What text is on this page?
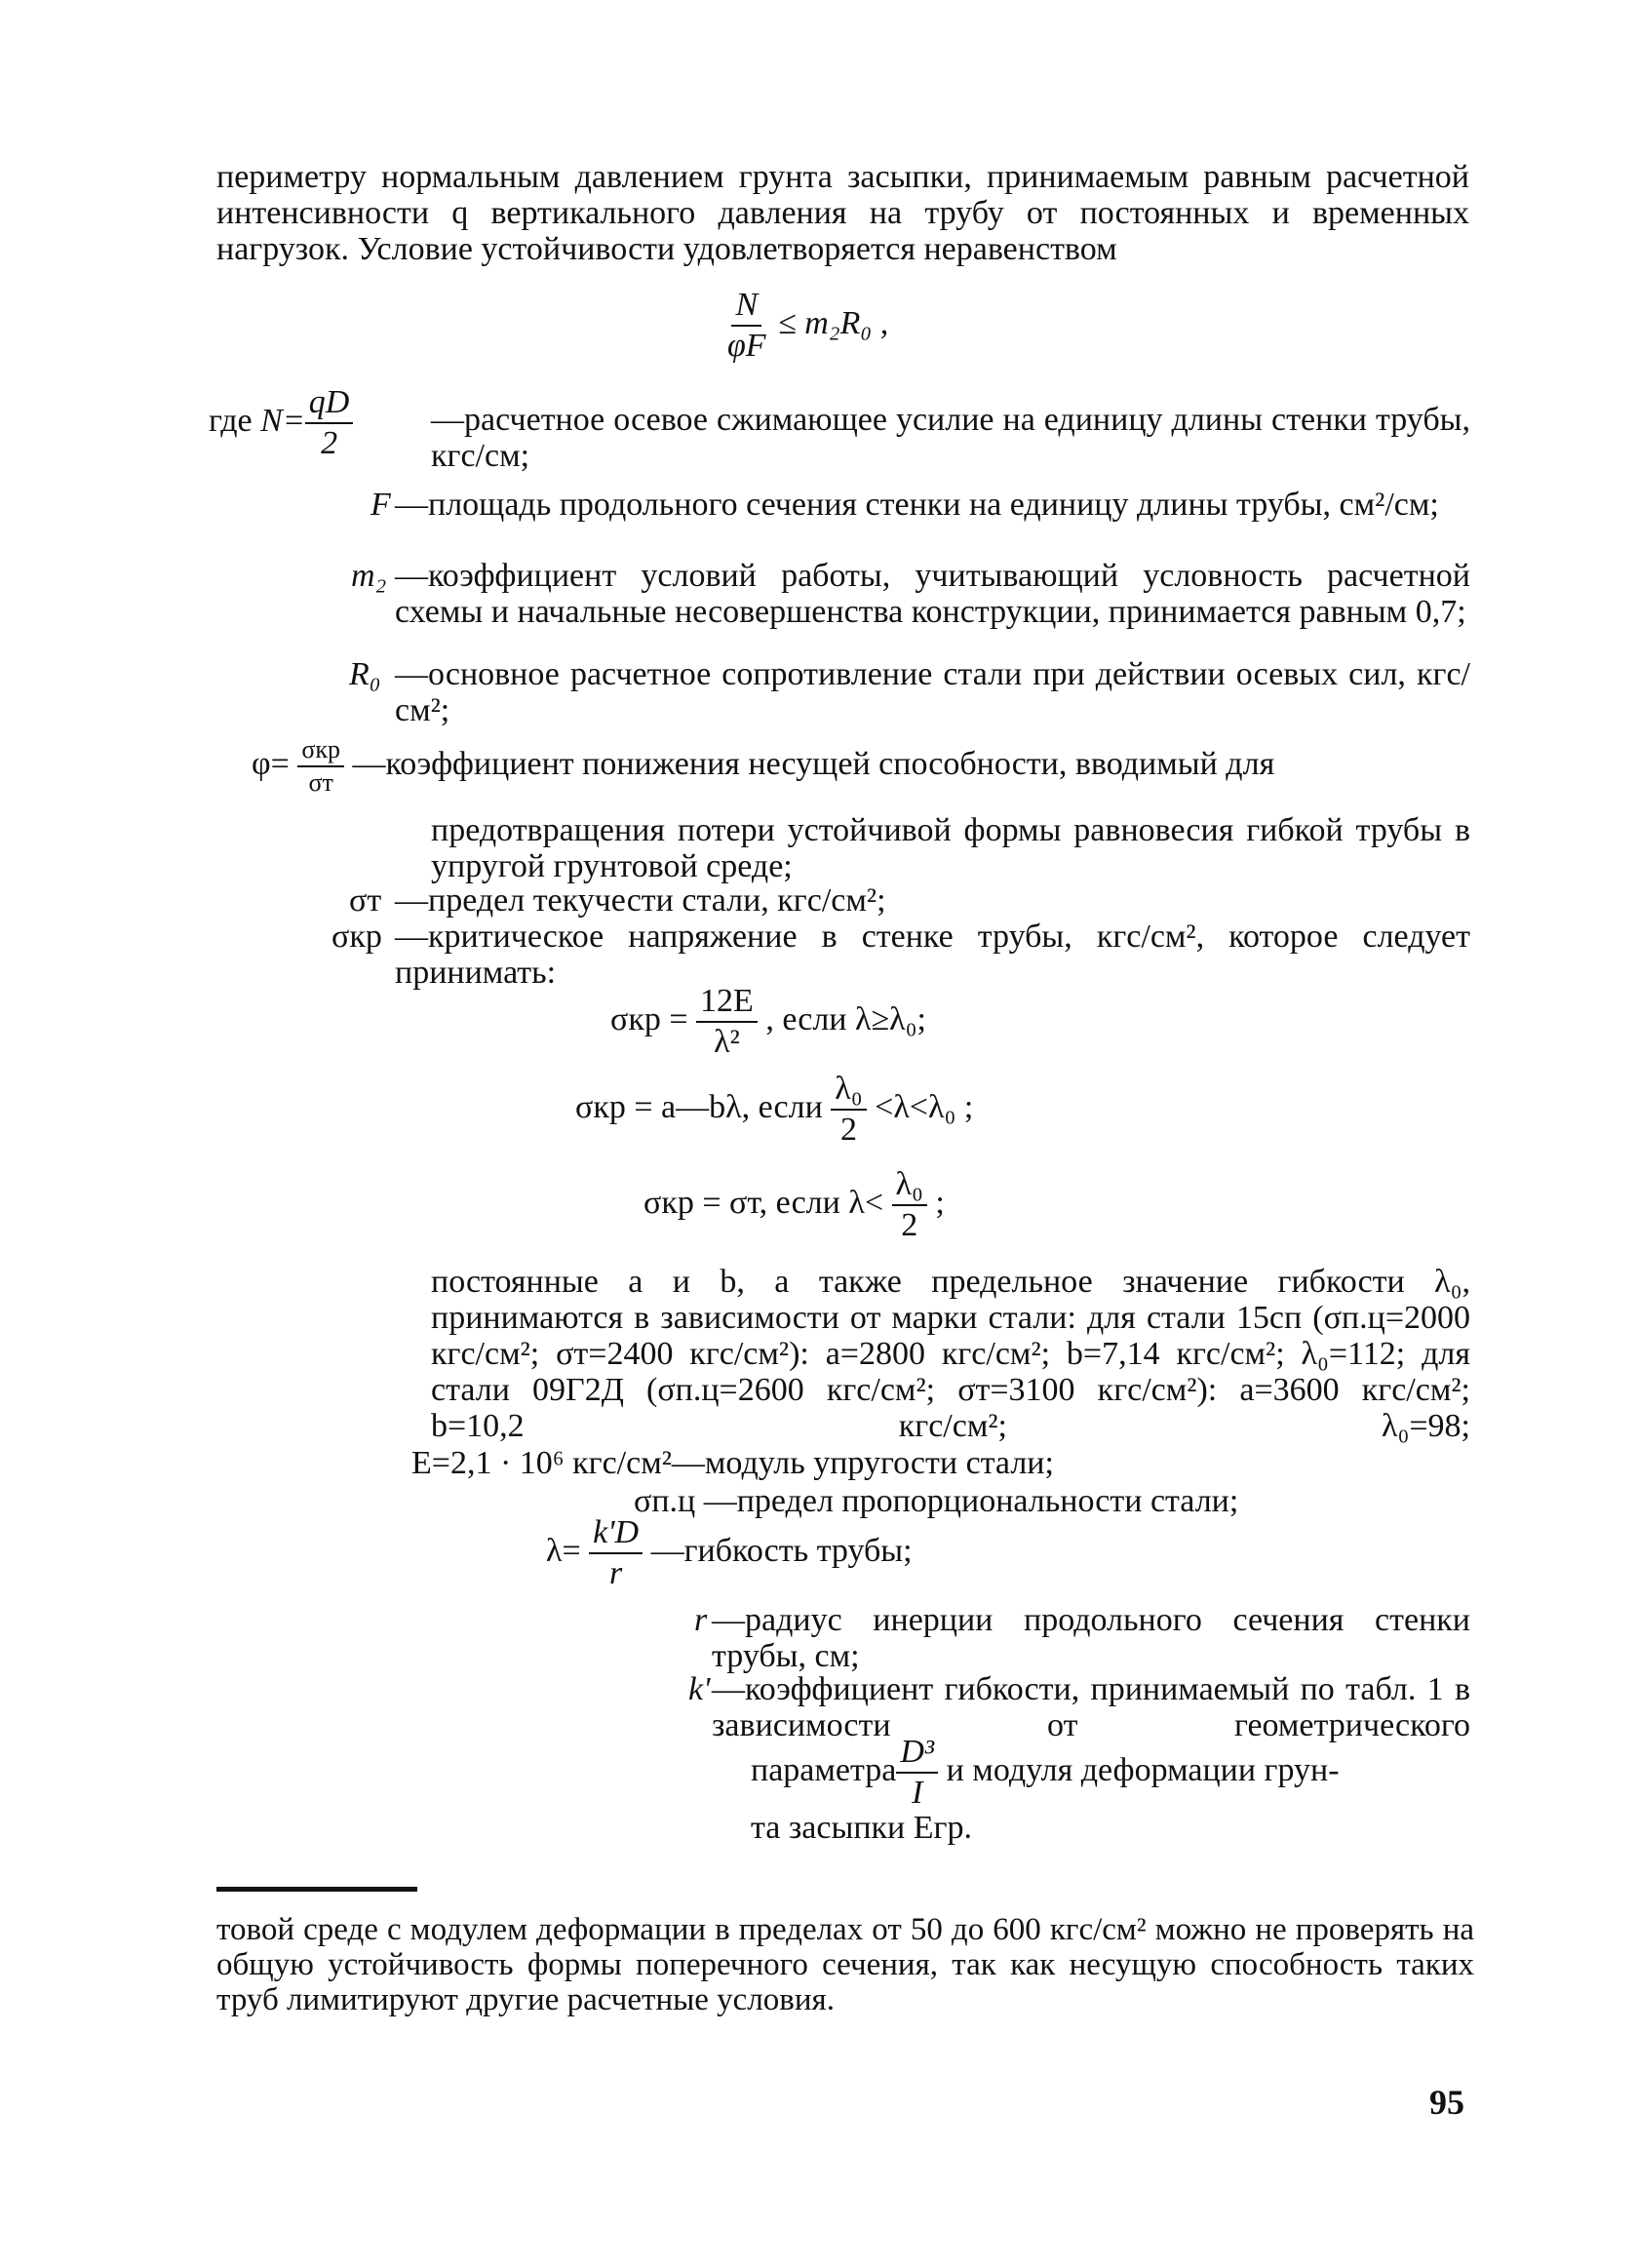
периметру нормальным давлением грунта засыпки, принимаемым равным расчетной интенсивности q вертикального давления на трубу от постоянных и временных нагрузок. Условие устойчивости удовлетворяется неравенством
$\frac{N}{\varphi F} \le m_2R_0$ ,
где $N= \frac{qD}{2}$ —расчетное осевое сжимающее усилие на единицу длины стенки трубы, кгс/см;
F —площадь продольного сечения стенки на единицу длины трубы, см²/см;
m₂ —коэффициент условий работы, учитывающий условность расчетной схемы и начальные несовершенства конструкции, принимается равным 0,7;
R₀ —основное расчетное сопротивление стали при действии осевых сил, кгс/см²;
$\varphi= \frac{\text{σкр}}{\sigma т}$ —коэффициент понижения несущей способности, вводимый для
предотвращения потери устойчивой формы равновесия гибкой трубы в упругой грунтовой среде;
σт —предел текучести стали, кгс/см²;
σкр —критическое напряжение в стенке трубы, кгс/см², которое следует принимать:
$\sigma кр = \frac{12E}{\text{λ²}}$ , если λ≥λ₀;
σкр = a—bλ, если $\frac{\text{λ₀}}{2} <\lambda<\lambda_0$ ;
σкр = σт, если $\lambda< \frac{\text{λ₀}}{2}$ ;
постоянные a и b, а также предельное значение гибкости λ₀, принимаются в зависимости от марки стали: для стали 15сп (σп.ц=2000 кгс/см²; σт=2400 кгс/см²): a=2800 кгс/см²; b=7,14 кгс/см²; λ₀=112; для стали 09Г2Д (σп.ц=2600 кгс/см²; σт=3100 кгс/см²): a=3600 кгс/см²; b=10,2 кгс/см²; λ₀=98;
E=2,1 · 10⁶ кгс/см²—модуль упругости стали;
σп.ц —предел пропорциональности стали;
$\lambda= \frac{k'D}{r}$ —гибкость трубы;
r —радиус инерции продольного сечения стенки трубы, см;
k' —коэффициент гибкости, принимаемый по табл. 1 в зависимости от геометрического
параметра $\frac{\text{D³}}{I}$ и модуля деформации грун-
та засыпки Eгр.
товой среде с модулем деформации в пределах от 50 до 600 кгс/см² можно не проверять на общую устойчивость формы поперечного сечения, так как несущую способность таких труб лимитируют другие расчетные условия.
95
